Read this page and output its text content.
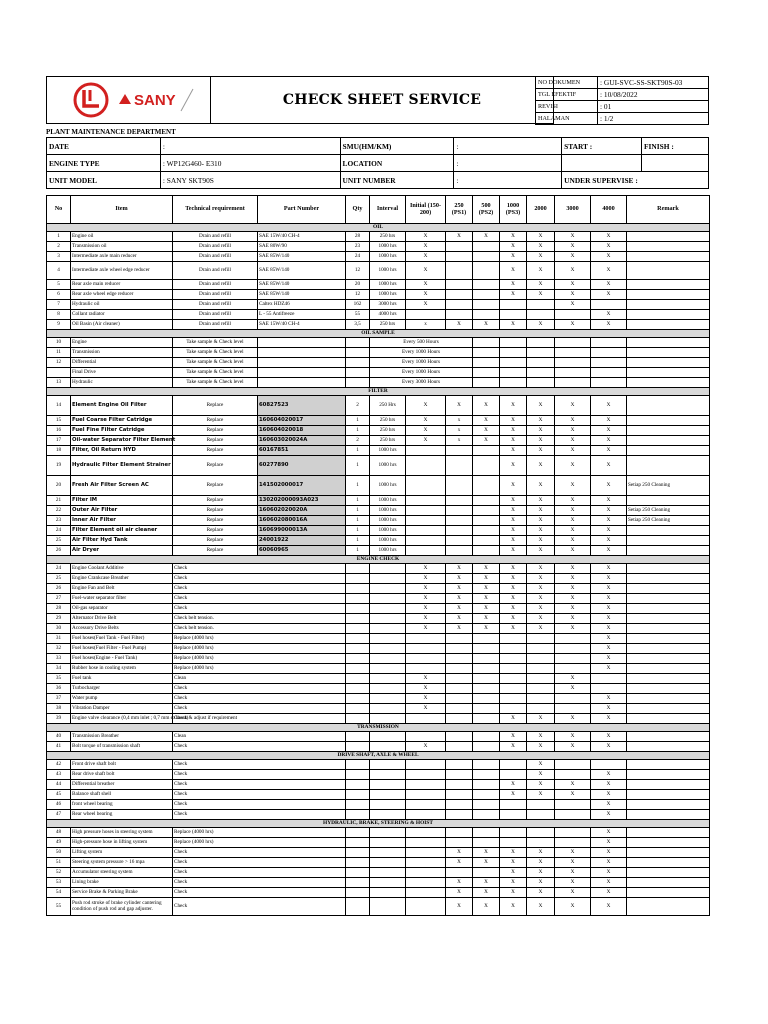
SANY	CHECK SHEET SERVICE
NO DOKUMEN	: GUI-SVC-SS-SKT90S-03
TGL EFEKTIF	: 10/08/2022
REVISI	: 01
HALAMAN	: 1/2
PLANT MAINTENANCE DEPARTMENT
DATE	:	SMU(HM/KM)	:	START :	FINISH :
ENGINE TYPE	: WP12G460- E310	LOCATION	:		
UNIT MODEL	: SANY SKT90S	UNIT NUMBER	:	UNDER SUPERVISE :	
No	Item	Technical requirement	Part Number	Qty	Interval	Initial (150-200)	250 (PS1)	500 (PS2)	1000 (PS3)	2000	3000	4000	Remark
OIL													
1	Engine oil	Drain and refill	SAE 15W/40 CH-4	28	250 hrs	X	X	X	X	X	X	X	
2	Transmission oil	Drain and refill	SAE 80W/90	23	1000 hrs	X			X	X	X	X	
3	Intermediate axle main reducer	Drain and refill	SAE 85W/140	24	1000 hrs	X			X	X	X	X	
4	Intermediate axle wheel edge reducer	Drain and refill	SAE 85W/140	12	1000 hrs	X			X	X	X	X	
5	Rear axle main reducer	Drain and refill	SAE 85W/140	20	1000 hrs	X			X	X	X	X	
6	Rear axle wheel edge reducer	Drain and refill	SAE 85W/140	12	1000 hrs	X			X	X	X	X	
7	Hydraulic oil	Drain and refill	Caltex HDZ46	162	3000 hrs	X					X		
8	Collant radiator	Drain and refill	L - 55 Antifreeze	55	4000 hrs							X	
9	Oil Basin (Air cleaner)	Drain and refill	SAE 15W/40 CH-4	3,5	250 hrs	x	X	X	X	X	X	X	
OIL SAMPLE													
10	Engine	Take sample & Check level			Every 500 Hours								
11	Transmission	Take sample & Check level			Every 1000 Hours								
12	Differential	Take sample & Check level			Every 1000 Hours								
	Final Drive	Take sample & Check level			Every 1000 Hours								
13	Hydraulic	Take sample & Check level			Every 3000 Hours								
FILTER													
14	Element Engine Oil Filter	Replace	60827523	2	250 Hrs	X	X	X	X	X	X	X	
15	Fuel Coarse Filter Catridge	Replace	160604020017	1	250 hrs	X	x	X	X	X	X	X	
16	Fuel Fine Filter Catridge	Replace	160604020018	1	250 hrs	X	x	X	X	X	X	X	
17	Oil-water Separator Filter Element	Replace	160603020024A	2	250 hrs	X	x	X	X	X	X	X	
18	Filter, Oil Return HYD	Replace	60167851	1	1000 hrs				X	X	X	X	
19	Hydraulic Filter Element Strainer	Replace	60277890	1	1000 hrs				X	X	X	X	
20	Fresh Air Filter Screen AC	Replace	141502000017	1	1000 hrs				X	X	X	X	Setiap 250 Cleaning
21	Filter IM	Replace	130202000093A023	1	1000 hrs				X	X	X	X	
22	Outer Air Filter	Replace	160602020020A	1	1000 hrs				X	X	X	X	Setiap 250 Cleaning
23	Inner Air Filter	Replace	160602080016A	1	1000 hrs				X	X	X	X	Setiap 250 Cleaning
24	Filter Element oil air cleaner	Replace	160699000013A	1	1000 hrs				X	X	X	X	
25	Air Filter Hyd Tank	Replace	24001922	1	1000 hrs				X	X	X	X	
26	Air Dryer	Replace	60060965	1	1000 hrs				X	X	X	X	
ENGINE CHECK													
24	Engine Coolant Additive	Check				X	X	X	X	X	X	X	
25	Engine Crankcase Breather	Check				X	X	X	X	X	X	X	
26	Engine Fan and Belt	Check				X	X	X	X	X	X	X	
27	Fuel-water separator filter	Check				X	X	X	X	X	X	X	
28	Oil-gas separator	Check				X	X	X	X	X	X	X	
29	Alternator Drive Belt	Check belt tension.				X	X	X	X	X	X	X	
30	Accessory Drive Belts	Check belt tension.				X	X	X	X	X	X	X	
31	Fuel hoses(Fuel Tank - Fuel Filter)	Replace (4000 hrs)										X	
32	Fuel hoses(Fuel Filter - Fuel Pump)	Replace (4000 hrs)										X	
33	Fuel hoses(Engine - Fuel Tank)	Replace (4000 hrs)										X	
34	Rubber hose in cooling system	Replace (4000 hrs)										X	
35	Fuel tank	Clean				X					X		
36	Turbocharger	Check				X					X		
37	Water pump	Check				X						X	
38	Vibration Damper	Check				X						X	
39	Engine valve clearance (0,4 mm inlet ; 0,7 mm exhaust)	Check & adjust if requirement							X	X	X	X	
TRANSMISSION													
40	Transmission Breather	Clean							X	X	X	X	
41	Bolt torque of transmission shaft	Check				X			X	X	X	X	
DRIVE SHAFT, AXLE & WHEEL													
42	Front drive shaft bolt	Check								X			
43	Rear drive shaft bolt	Check								X		X	
44	Differential breather	Check							X	X	X	X	
45	Balance shaft shell	Check							X	X	X	X	
46	front wheel bearing	Check										X	
47	Rear wheel bearing	Check										X	
HYDRAULIC, BRAKE, STEERING & HOIST													
48	High pressure hoses in steering system	Replace (4000 hrs)										X	
49	High-pressure hose in lifting system	Replace (4000 hrs)										X	
50	Lifting system	Check					X	X	X	X	X	X	
51	Steering system pressure > 16 mpa	Check					X	X	X	X	X	X	
52	Accumulator steering system	Check							X	X	X	X	
53	Lining brake	Check					X	X	X	X	X	X	
54	Service Brake & Parking Brake	Check					X	X	X	X	X	X	
55	Push rod stroke of brake cylinder cantering condition of push rod and gap adjuster.	Check					X	X	X	X	X	X	
